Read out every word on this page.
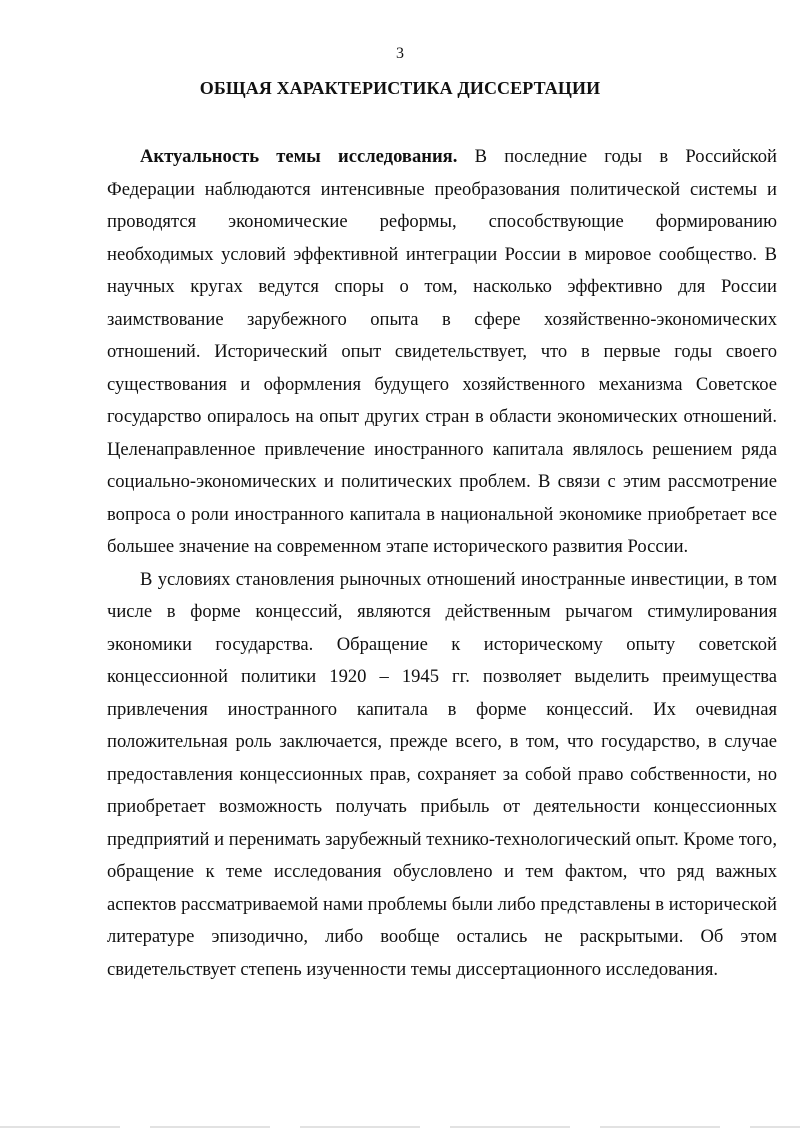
3
ОБЩАЯ ХАРАКТЕРИСТИКА ДИССЕРТАЦИИ

Актуальность темы исследования. В последние годы в Российской Федерации наблюдаются интенсивные преобразования политической системы и проводятся экономические реформы, способствующие формированию необходимых условий эффективной интеграции России в мировое сообщество. В научных кругах ведутся споры о том, насколько эффективно для России заимствование зарубежного опыта в сфере хозяйственно-экономических отношений. Исторический опыт свидетельствует, что в первые годы своего существования и оформления будущего хозяйственного механизма Советское государство опиралось на опыт других стран в области экономических отношений. Целенаправленное привлечение иностранного капитала являлось решением ряда социально-экономических и политических проблем. В связи с этим рассмотрение вопроса о роли иностранного капитала в национальной экономике приобретает все большее значение на современном этапе исторического развития России.

В условиях становления рыночных отношений иностранные инвестиции, в том числе в форме концессий, являются действенным рычагом стимулирования экономики государства. Обращение к историческому опыту советской концессионной политики 1920 – 1945 гг. позволяет выделить преимущества привлечения иностранного капитала в форме концессий. Их очевидная положительная роль заключается, прежде всего, в том, что государство, в случае предоставления концессионных прав, сохраняет за собой право собственности, но приобретает возможность получать прибыль от деятельности концессионных предприятий и перенимать зарубежный технико-технологический опыт. Кроме того, обращение к теме исследования обусловлено и тем фактом, что ряд важных аспектов рассматриваемой нами проблемы были либо представлены в исторической литературе эпизодично, либо вообще остались не раскрытыми. Об этом свидетельствует степень изученности темы диссертационного исследования.
